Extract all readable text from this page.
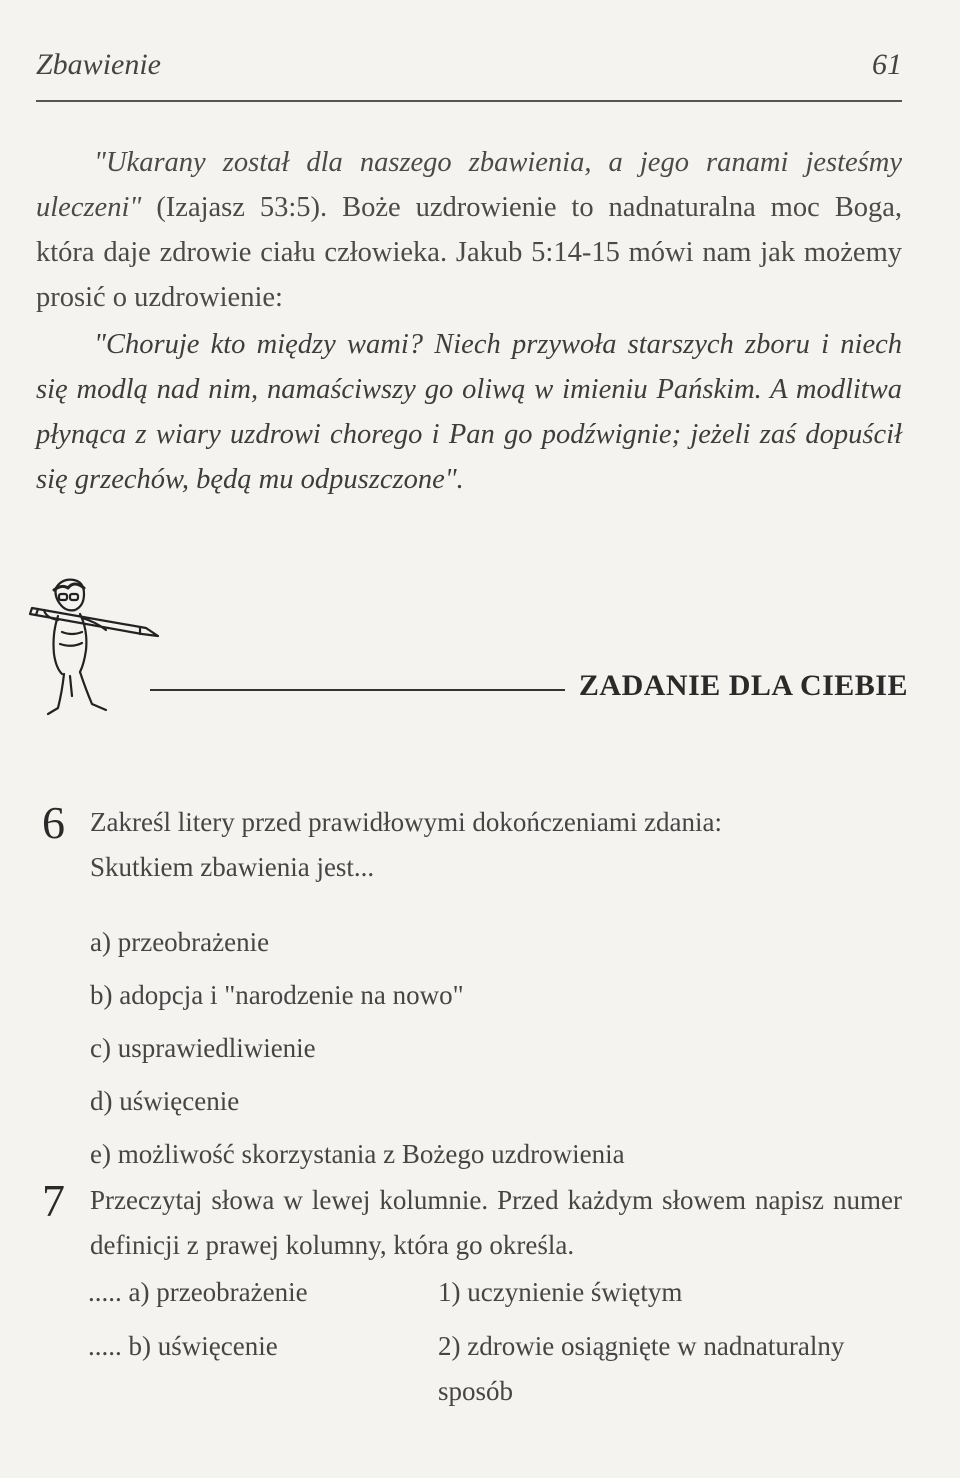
Zbawienie	61

"Ukarany został dla naszego zbawienia, a jego ranami jesteśmy uleczeni" (Izajasz 53:5). Boże uzdrowienie to nadnaturalna moc Boga, która daje zdrowie ciału człowieka. Jakub 5:14-15 mówi nam jak możemy prosić o uzdrowienie:

"Choruje kto między wami? Niech przywoła starszych zboru i niech się modlą nad nim, namaściwszy go oliwą w imieniu Pańskim. A modlitwa płynąca z wiary uzdrowi chorego i Pan go podźwignie; jeżeli zaś dopuścił się grzechów, będą mu odpuszczone".

ZADANIE DLA CIEBIE
6 Zakreśl litery przed prawidłowymi dokończeniami zdania:
Skutkiem zbawienia jest...
a) przeobrażenie
b) adopcja i "narodzenie na nowo"
c) usprawiedliwienie
d) uświęcenie
e) możliwość skorzystania z Bożego uzdrowienia
7 Przeczytaj słowa w lewej kolumnie. Przed każdym słowem napisz numer definicji z prawej kolumny, która go określa.
..... a) przeobrażenie	1) uczynienie świętym
..... b) uświęcenie	2) zdrowie osiągnięte w nadnaturalny sposób
